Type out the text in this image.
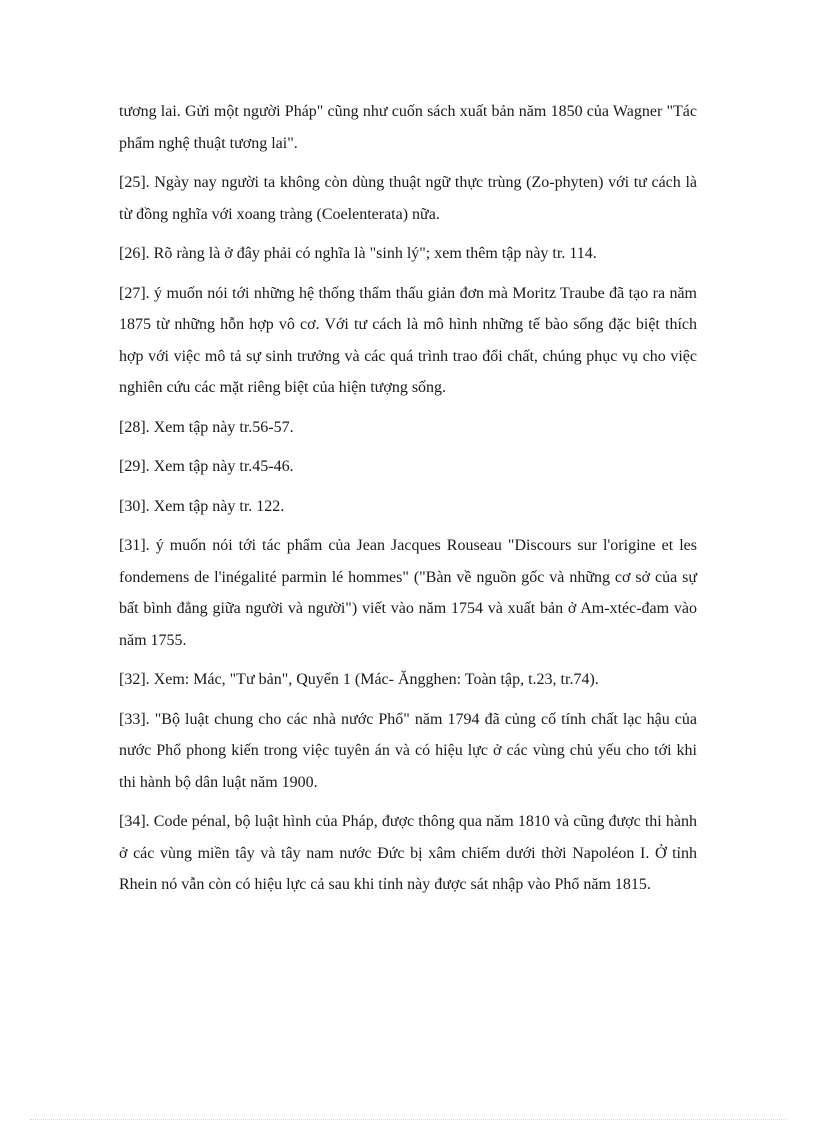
tương lai. Gửi một người Pháp" cũng như cuốn sách xuất bản năm 1850 của Wagner "Tác phẩm nghệ thuật tương lai".

[25]. Ngày nay người ta không còn dùng thuật ngữ thực trùng (Zo-phyten) với tư cách là từ đồng nghĩa với xoang tràng (Coelenterata) nữa.

[26]. Rõ ràng là ở đây phải có nghĩa là "sinh lý"; xem thêm tập này tr. 114.

[27]. ý muốn nói tới những hệ thống thẩm thấu giản đơn mà Moritz Traube đã tạo ra năm 1875 từ những hỗn hợp vô cơ. Với tư cách là mô hình những tế bào sống đặc biệt thích hợp với việc mô tả sự sinh trưởng và các quá trình trao đổi chất, chúng phục vụ cho việc nghiên cứu các mặt riêng biệt của hiện tượng sống.

[28]. Xem tập này tr.56-57.

[29]. Xem tập này tr.45-46.

[30]. Xem tập này tr. 122.

[31]. ý muốn nói tới tác phẩm của Jean Jacques Rouseau "Discours sur l'origine et les fondemens de l'inégalité parmin lé hommes" ("Bàn về nguồn gốc và những cơ sở của sự bất bình đẳng giữa người và người") viết vào năm 1754 và xuất bản ở Am-xtéc-đam vào năm 1755.

[32]. Xem: Mác, "Tư bản", Quyển 1 (Mác- Ăngghen: Toàn tập, t.23, tr.74).

[33]. "Bộ luật chung cho các nhà nước Phổ" năm 1794 đã củng cố tính chất lạc hậu của nước Phổ phong kiến trong việc tuyên án và có hiệu lực ở các vùng chủ yếu cho tới khi thi hành bộ dân luật năm 1900.

[34]. Code pénal, bộ luật hình của Pháp, được thông qua năm 1810 và cũng được thi hành ở các vùng miền tây và tây nam nước Đức bị xâm chiếm dưới thời Napoléon I. Ở tỉnh Rhein nó vẫn còn có hiệu lực cả sau khi tỉnh này được sát nhập vào Phổ năm 1815.
